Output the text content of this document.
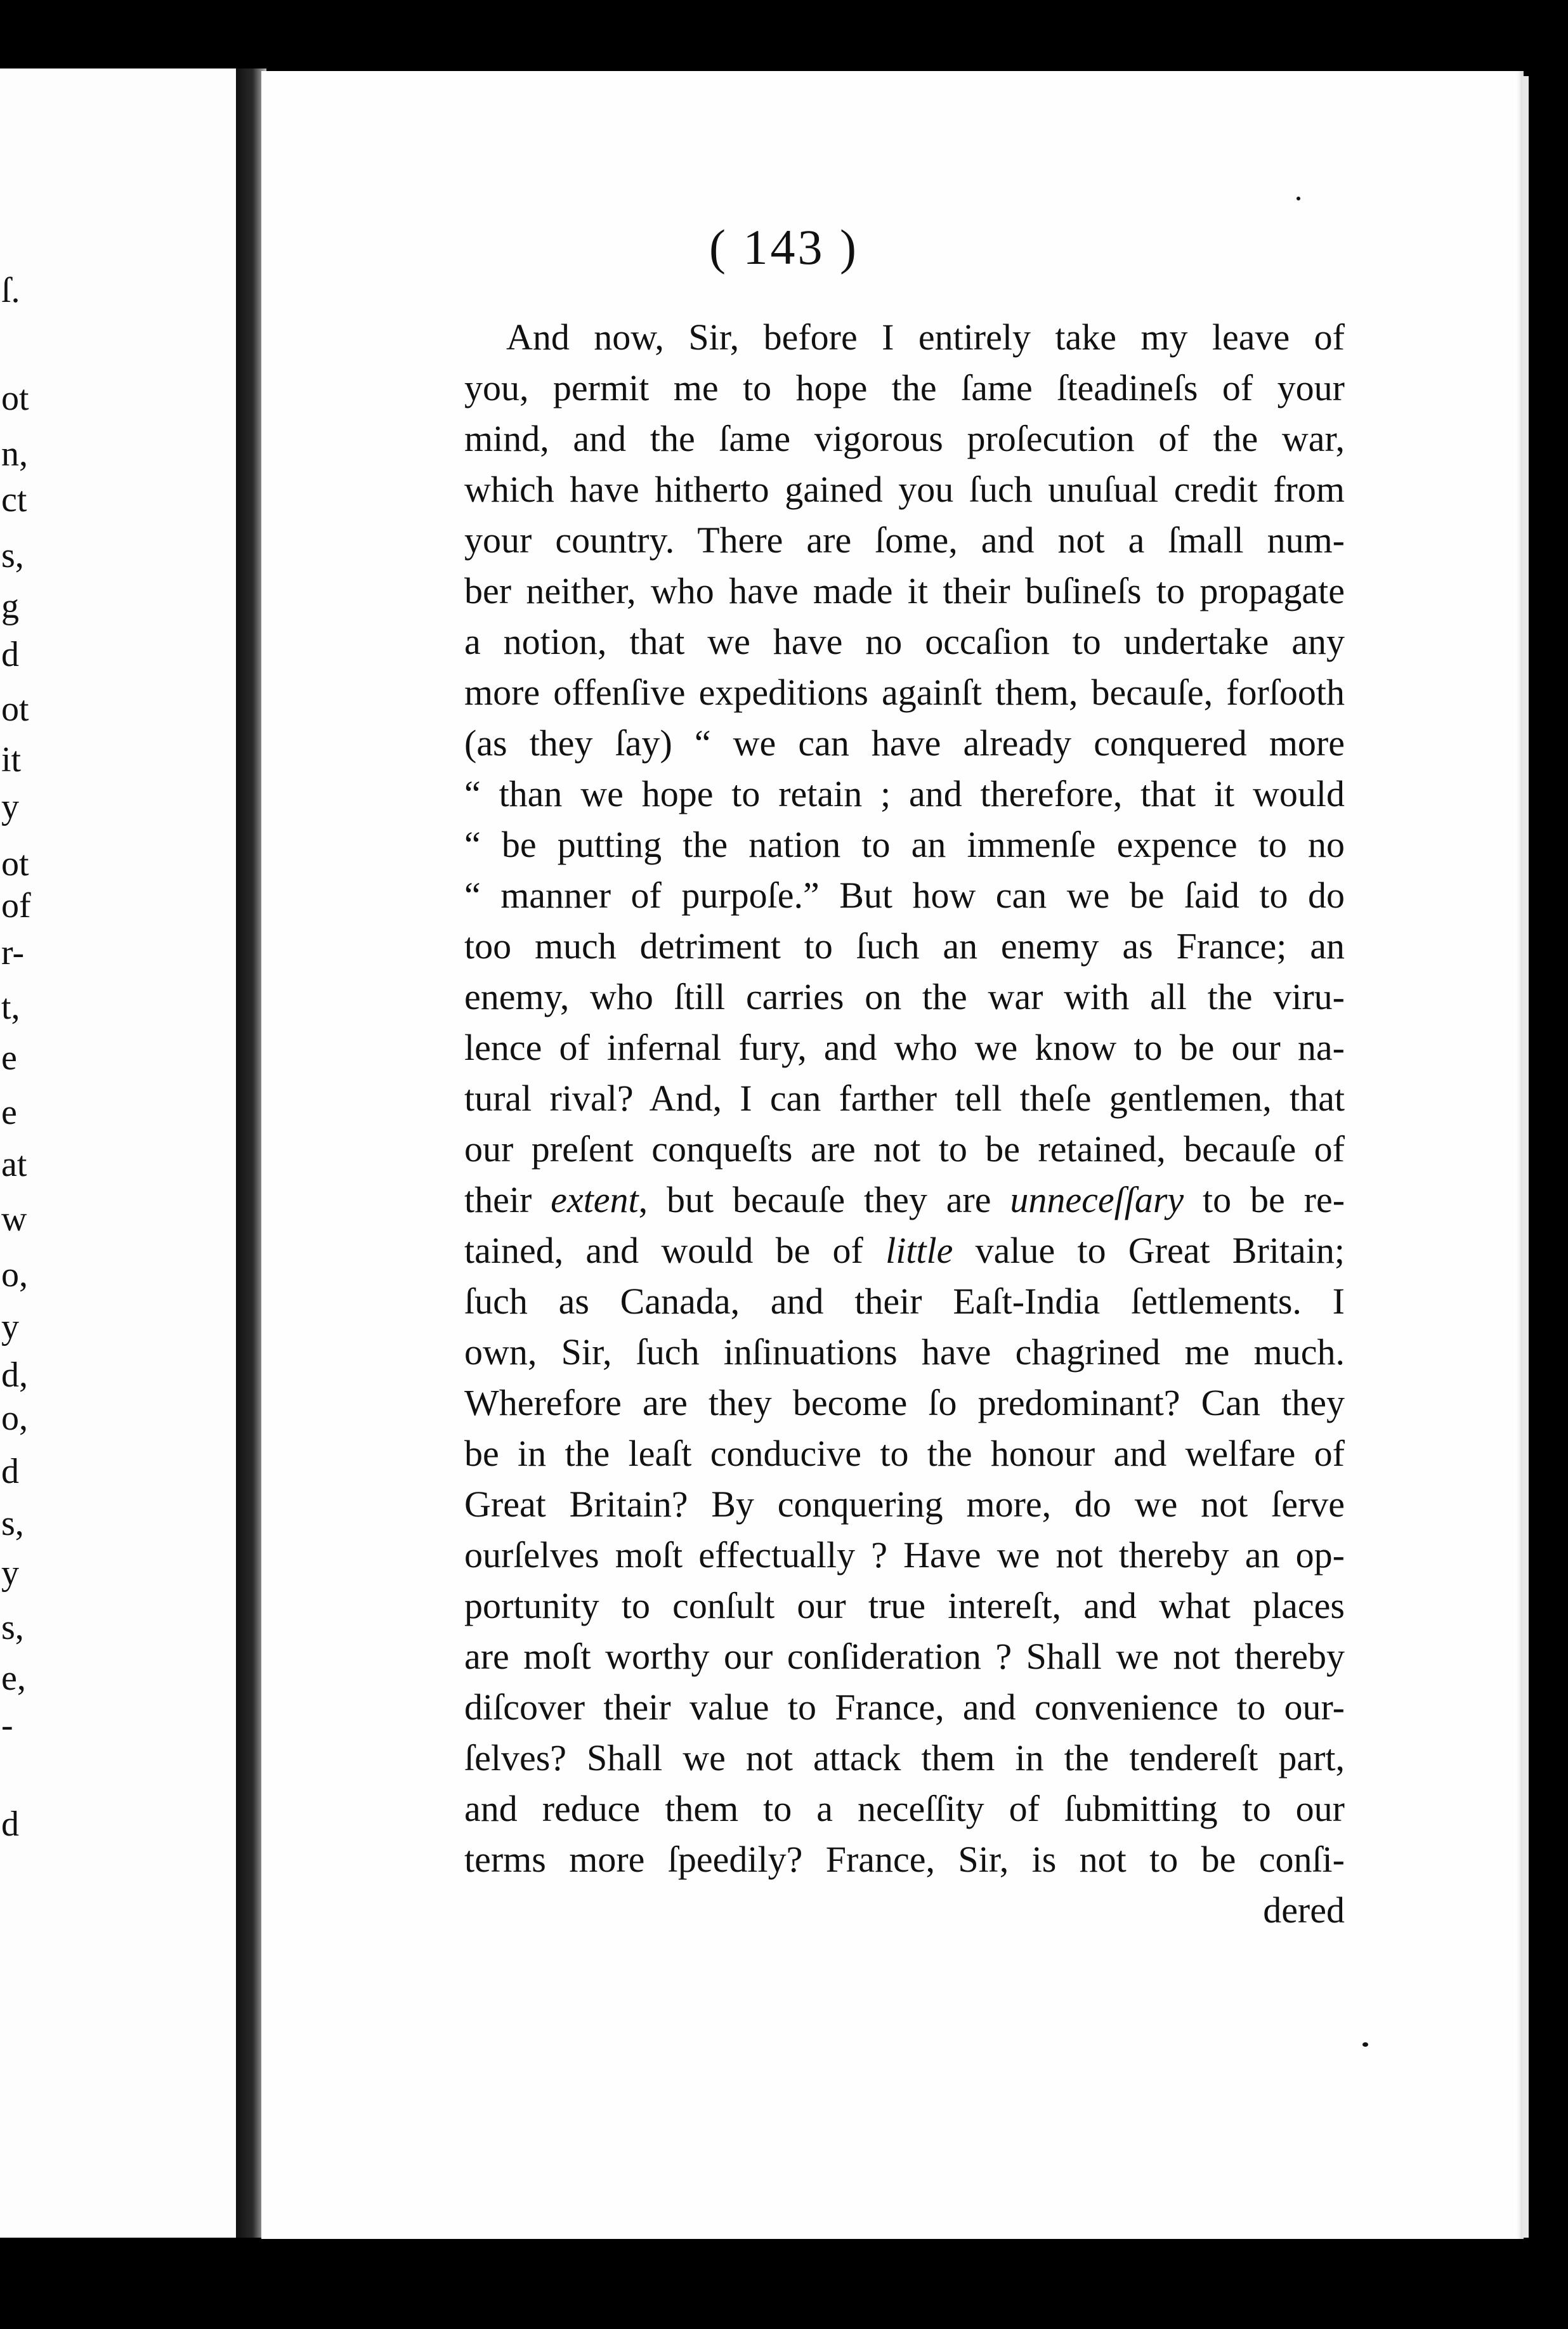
ſ.
ot
n,
ct
s,
g
d
ot
it
y
ot
of
r-
t,
e
e
at
w
o,
y
d,
o,
d
s,
y
s,
e,
-
d
( 143 )
And now, Sir, before I entirely take my leave of
you, permit me to hope the ſame ſteadineſs of your
mind, and the ſame vigorous proſecution of the war,
which have hitherto gained you ſuch unuſual credit from
your country. There are ſome, and not a ſmall num-
ber neither, who have made it their buſineſs to propagate
a notion, that we have no occaſion to undertake any
more offenſive expeditions againſt them, becauſe, forſooth
(as they ſay) “ we can have already conquered more
“ than we hope to retain ; and therefore, that it would
“ be putting the nation to an immenſe expence to no
“ manner of purpoſe.” But how can we be ſaid to do
too much detriment to ſuch an enemy as France; an
enemy, who ſtill carries on the war with all the viru-
lence of infernal fury, and who we know to be our na-
tural rival? And, I can farther tell theſe gentlemen, that
our preſent conqueſts are not to be retained, becauſe of
their extent, but becauſe they are unneceſſary to be re-
tained, and would be of little value to Great Britain;
ſuch as Canada, and their Eaſt-India ſettlements. I
own, Sir, ſuch inſinuations have chagrined me much.
Wherefore are they become ſo predominant? Can they
be in the leaſt conducive to the honour and welfare of
Great Britain? By conquering more, do we not ſerve
ourſelves moſt effectually ? Have we not thereby an op-
portunity to conſult our true intereſt, and what places
are moſt worthy our conſideration ? Shall we not thereby
diſcover their value to France, and convenience to our-
ſelves? Shall we not attack them in the tendereſt part,
and reduce them to a neceſſity of ſubmitting to our
terms more ſpeedily? France, Sir, is not to be conſi-
dered
